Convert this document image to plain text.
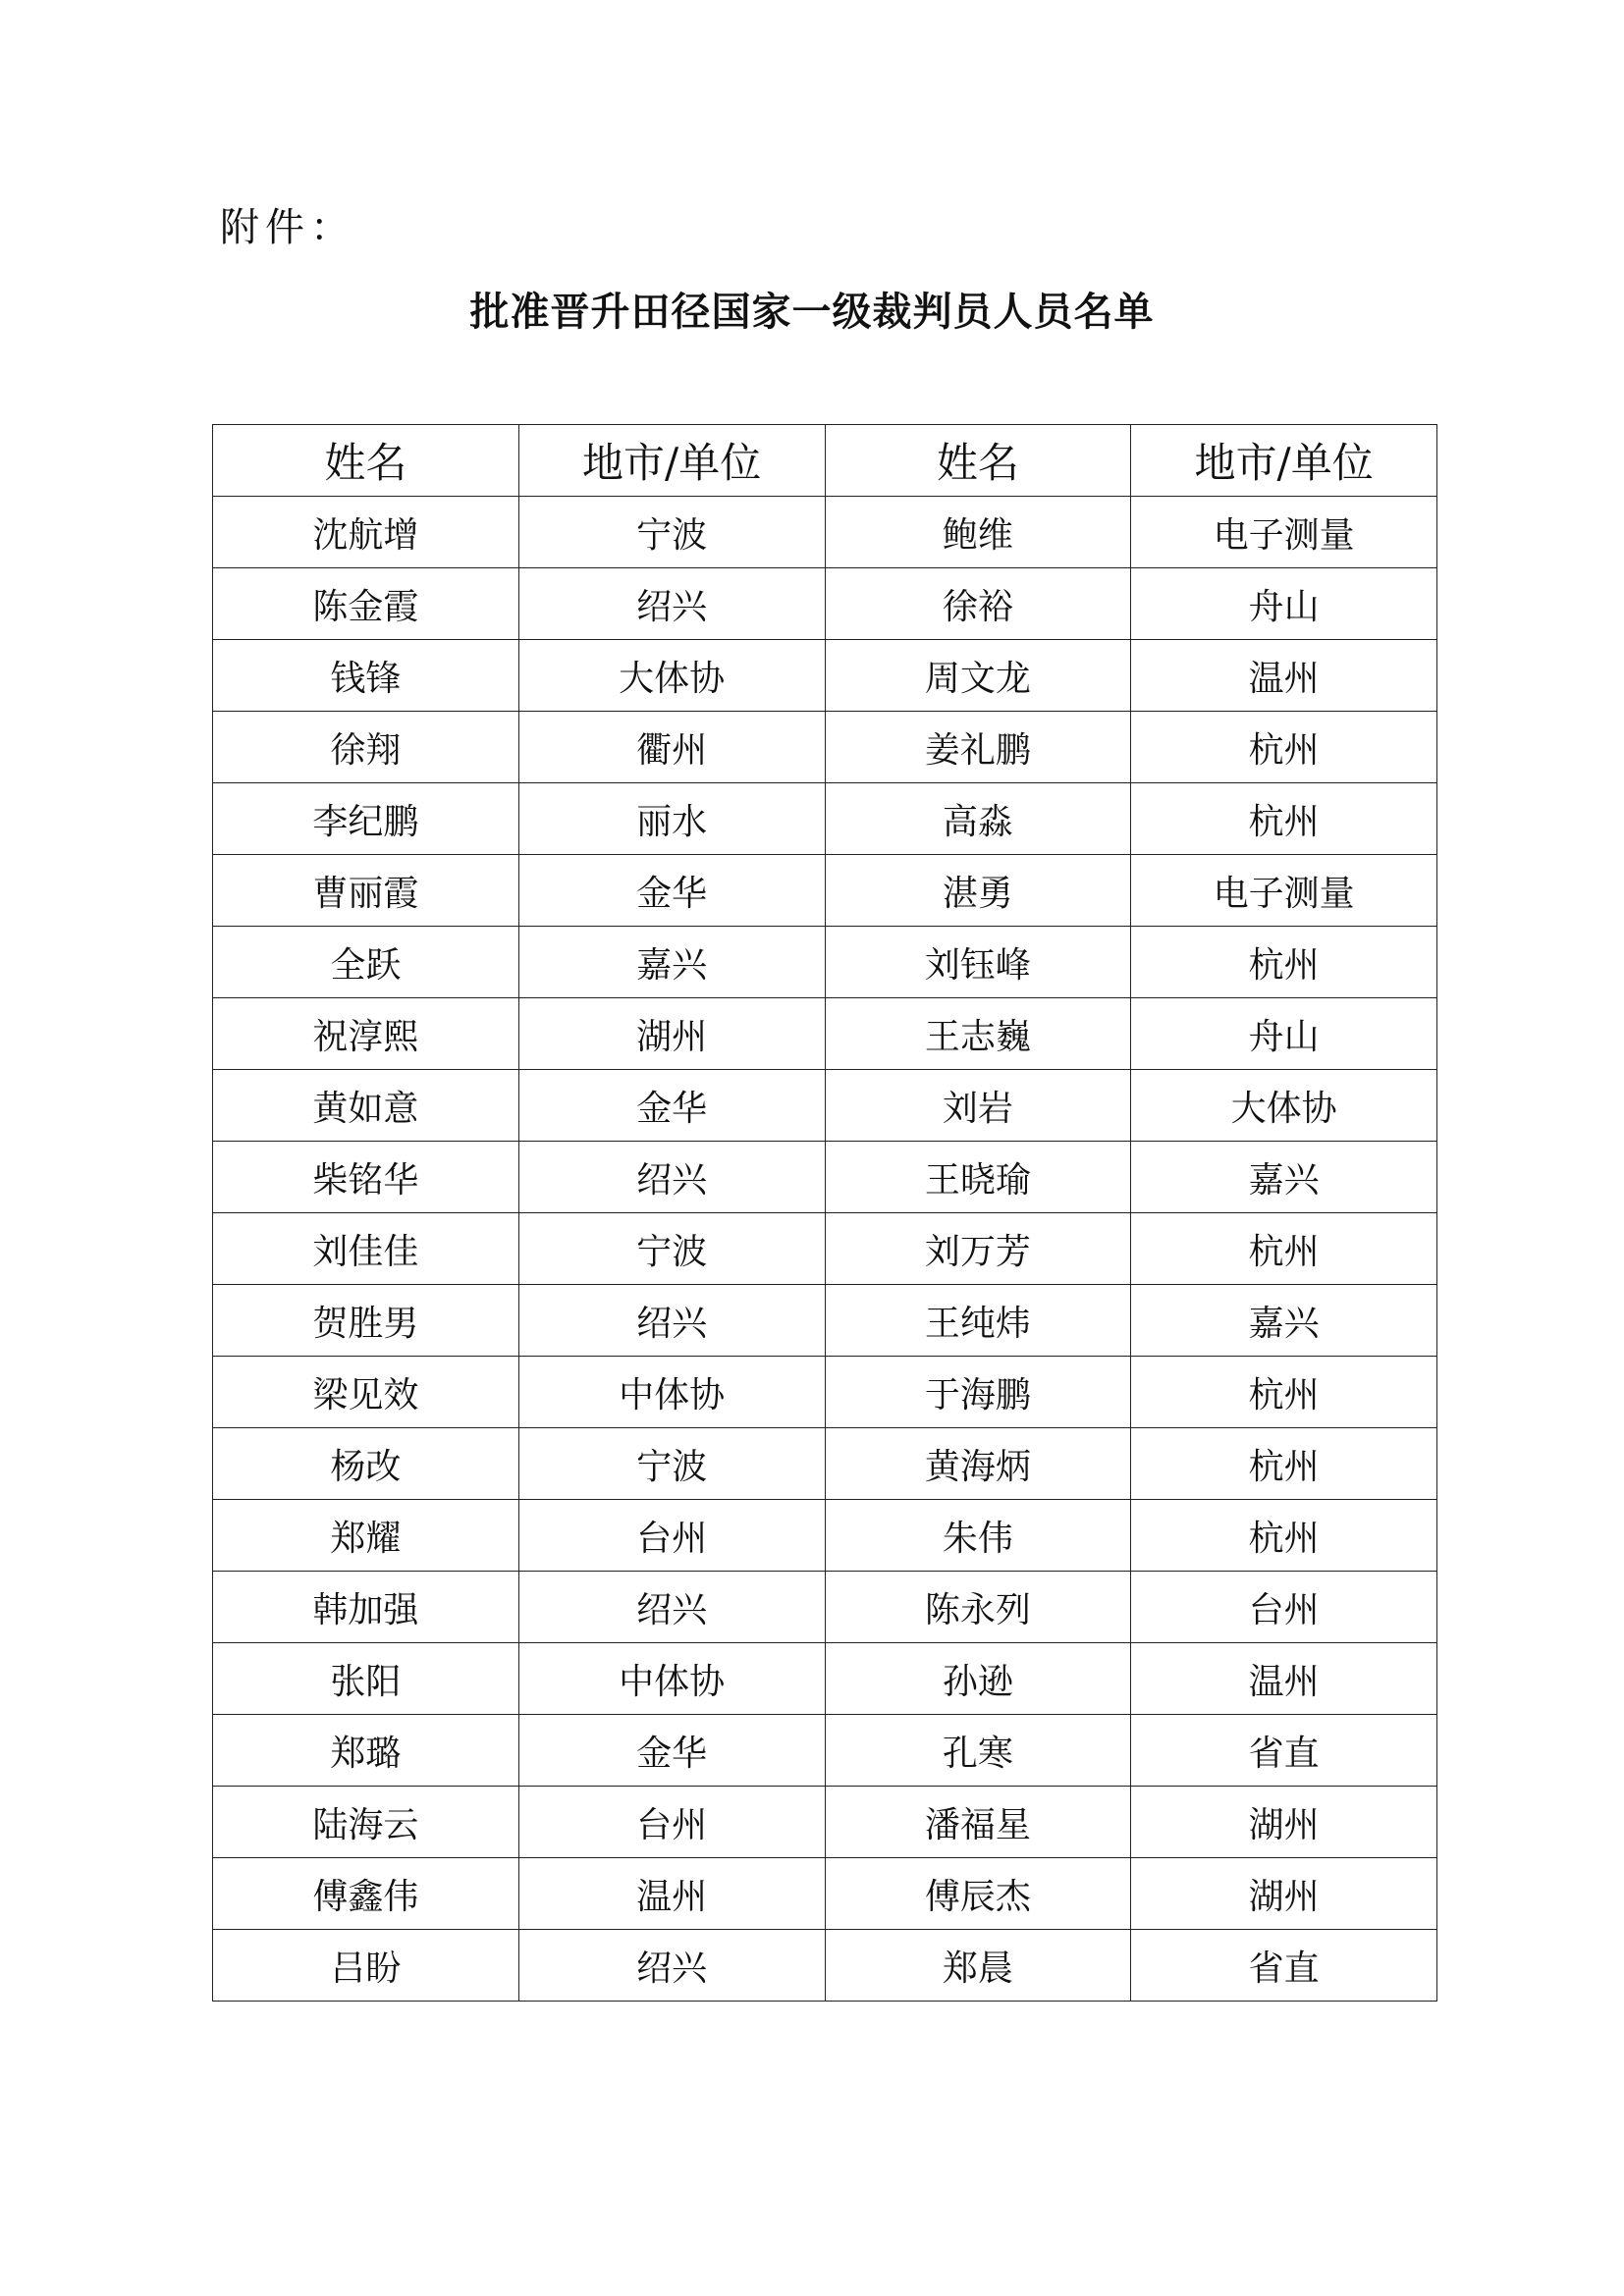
附件：
批准晋升田径国家一级裁判员人员名单
姓名	地市/单位	姓名	地市/单位
沈航增	宁波	鲍维	电子测量
陈金霞	绍兴	徐裕	舟山
钱锋	大体协	周文龙	温州
徐翔	衢州	姜礼鹏	杭州
李纪鹏	丽水	高淼	杭州
曹丽霞	金华	湛勇	电子测量
全跃	嘉兴	刘钰峰	杭州
祝淳熙	湖州	王志巍	舟山
黄如意	金华	刘岩	大体协
柴铭华	绍兴	王晓瑜	嘉兴
刘佳佳	宁波	刘万芳	杭州
贺胜男	绍兴	王纯炜	嘉兴
梁见效	中体协	于海鹏	杭州
杨改	宁波	黄海炳	杭州
郑耀	台州	朱伟	杭州
韩加强	绍兴	陈永列	台州
张阳	中体协	孙逊	温州
郑璐	金华	孔寒	省直
陆海云	台州	潘福星	湖州
傅鑫伟	温州	傅辰杰	湖州
吕盼	绍兴	郑晨	省直
